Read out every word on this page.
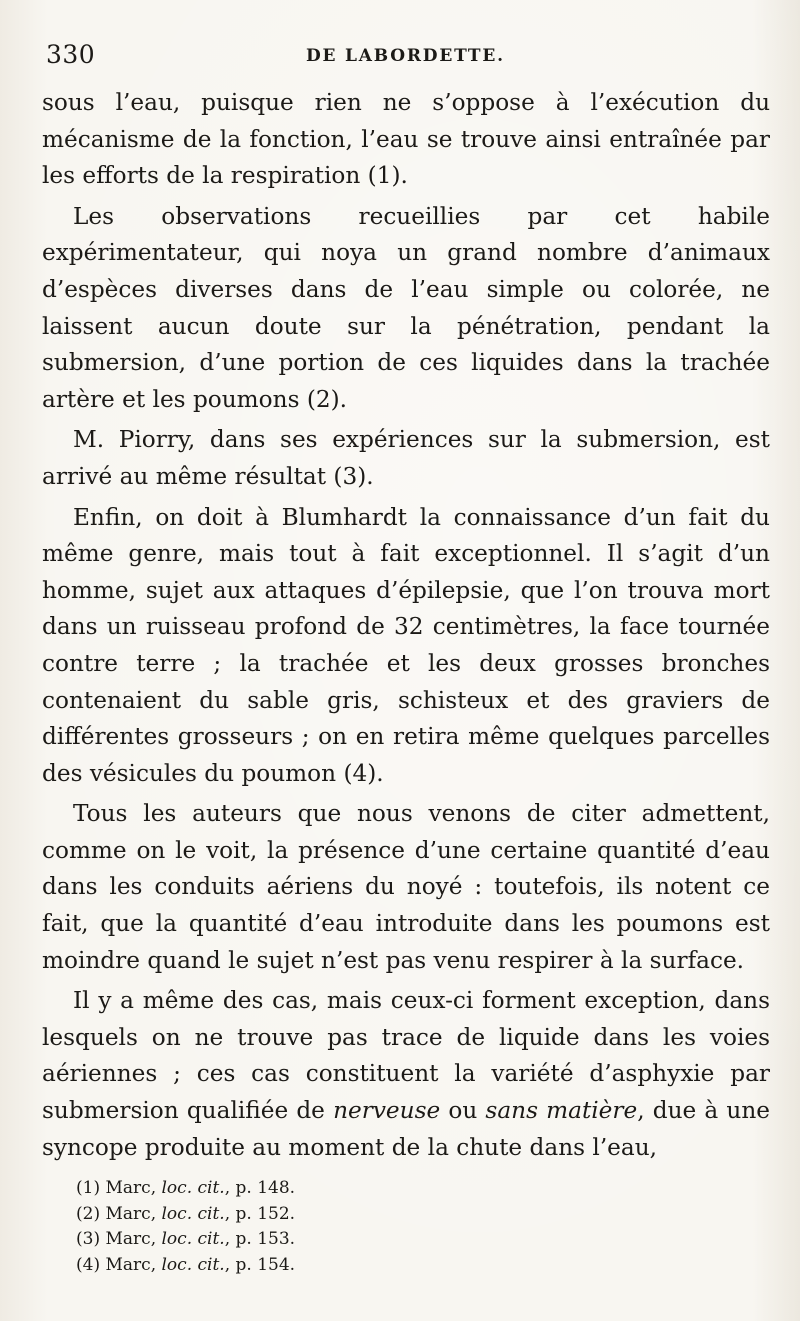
330	DE LABORDETTE.

sous l’eau, puisque rien ne s’oppose à l’exécution du mécanisme de la fonction, l’eau se trouve ainsi entraînée par les efforts de la respiration (1).

Les observations recueillies par cet habile expérimentateur, qui noya un grand nombre d’animaux d’espèces diverses dans de l’eau simple ou colorée, ne laissent aucun doute sur la pénétration, pendant la submersion, d’une portion de ces liquides dans la trachée artère et les poumons (2).

M. Piorry, dans ses expériences sur la submersion, est arrivé au même résultat (3).

Enfin, on doit à Blumhardt la connaissance d’un fait du même genre, mais tout à fait exceptionnel. Il s’agit d’un homme, sujet aux attaques d’épilepsie, que l’on trouva mort dans un ruisseau profond de 32 centimètres, la face tournée contre terre ; la trachée et les deux grosses bronches contenaient du sable gris, schisteux et des graviers de différentes grosseurs ; on en retira même quelques parcelles des vésicules du poumon (4).

Tous les auteurs que nous venons de citer admettent, comme on le voit, la présence d’une certaine quantité d’eau dans les conduits aériens du noyé : toutefois, ils notent ce fait, que la quantité d’eau introduite dans les poumons est moindre quand le sujet n’est pas venu respirer à la surface.

Il y a même des cas, mais ceux-ci forment exception, dans lesquels on ne trouve pas trace de liquide dans les voies aériennes ; ces cas constituent la variété d’asphyxie par submersion qualifiée de nerveuse ou sans matière, due à une syncope produite au moment de la chute dans l’eau,

(1) Marc, loc. cit., p. 148.
(2) Marc, loc. cit., p. 152.
(3) Marc, loc. cit., p. 153.
(4) Marc, loc. cit., p. 154.
